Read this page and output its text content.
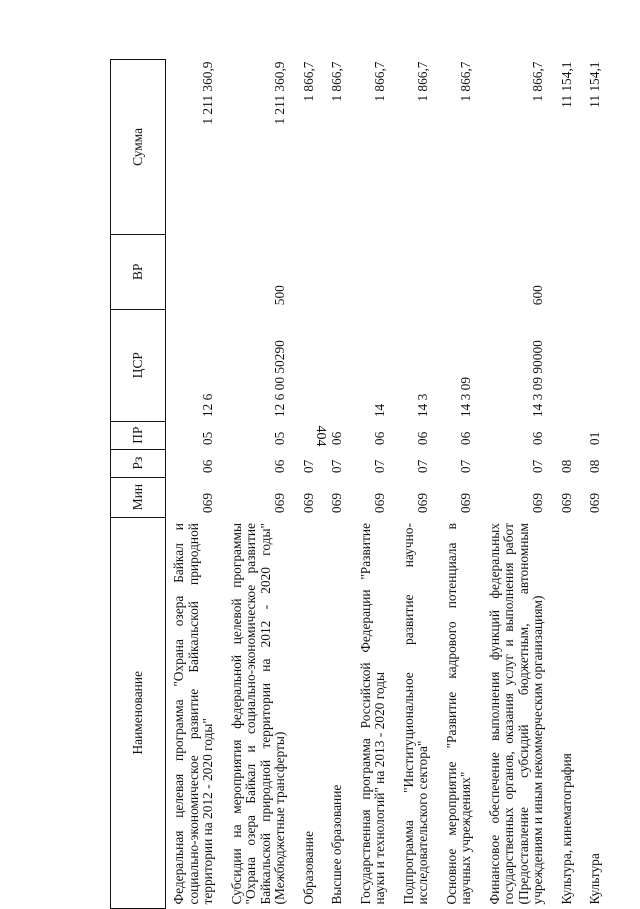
404
Наименование	Мин	Рз	ПР	ЦСР	ВР	Сумма
Федеральная целевая программа "Охрана озера Байкал и социально-экономическое развитие Байкальской природной территории на 2012 - 2020 годы"	069	06	05	12 6		1 211 360,9
Субсидии на мероприятия федеральной целевой программы "Охрана озера Байкал и социально-экономическое развитие Байкальской природной территории на 2012 - 2020 годы" (Межбюджетные трансферты)	069	06	05	12 6 00 50290	500	1 211 360,9
Образование	069	07				1 866,7
Высшее образование	069	07	06			1 866,7
Государственная программа Российской Федерации "Развитие науки и технологий" на 2013 - 2020 годы	069	07	06	14		1 866,7
Подпрограмма "Институциональное развитие научно-исследовательского сектора"	069	07	06	14 3		1 866,7
Основное мероприятие "Развитие кадрового потенциала в научных учреждениях"	069	07	06	14 3 09		1 866,7
Финансовое обеспечение выполнения функций федеральных государственных органов, оказания услуг и выполнения работ (Предоставление субсидий бюджетным, автономным учреждениям и иным некоммерческим организациям)	069	07	06	14 3 09 90000	600	1 866,7
Культура, кинематография	069	08				11 154,1
Культура	069	08	01			11 154,1
